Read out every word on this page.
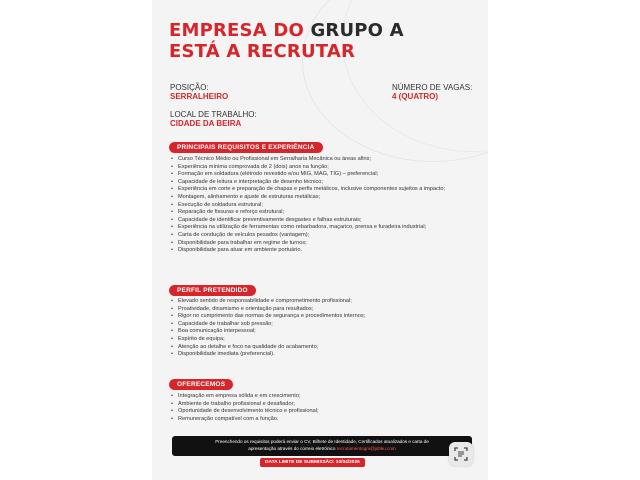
EMPRESA DO GRUPO A
ESTÁ A RECRUTAR
POSIÇÃO:
SERRALHEIRO
NÚMERO DE VAGAS:
4 (QUATRO)
LOCAL DE TRABALHO:
CIDADE DA BEIRA
PRINCIPAIS REQUISITOS E EXPERIÊNCIA
• Curso Técnico Médio ou Profissional em Serralharia Mecânica ou áreas afins;
• Experiência mínima comprovada de 2 (dois) anos na função;
• Formação em soldadura (elétrodo revestido e/ou MIG, MAG, TIG) – preferencial;
• Capacidade de leitura e interpretação de desenho técnico;
• Experiência em corte e preparação de chapas e perfis metálicos, inclusive componentes sujeitos a impacto;
• Montagem, alinhamento e ajuste de estruturas metálicas;
• Execução de soldadura estrutural;
• Reparação de fissuras e reforço estrutural;
• Capacidade de identificar preventivamente desgastes e falhas estruturais;
• Experiência na utilização de ferramentas como rebarbadora, maçarico, prensa e furadeira industrial;
• Carta de condução de veículos pesados (vantagem);
• Disponibilidade para trabalhar em regime de turnos;
• Disponibilidade para atuar em ambiente portuário.
PERFIL PRETENDIDO
• Elevado sentido de responsabilidade e comprometimento profissional;
• Proatividade, dinamismo e orientação para resultados;
• Rigor no cumprimento das normas de segurança e procedimentos internos;
• Capacidade de trabalhar sob pressão;
• Boa comunicação interpessoal;
• Espírito de equipa;
• Atenção ao detalhe e foco na qualidade do acabamento;
• Disponibilidade imediata (preferencial).
OFERECEMOS
• Integração em empresa sólida e em crescimento;
• Ambiente de trabalho profissional e desafiador;
• Oportunidade de desenvolvimento técnico e profissional;
• Remuneração compatível com a função.
Preenchendo os requisitos poderá enviar o CV, Bilhete de Identidade, Certificados atualizados e carta de
apresentação através do correio eletrónico recrutamentogm@jobku.com
DATA LIMITE DE SUBMISSÃO: 10/04/2026
